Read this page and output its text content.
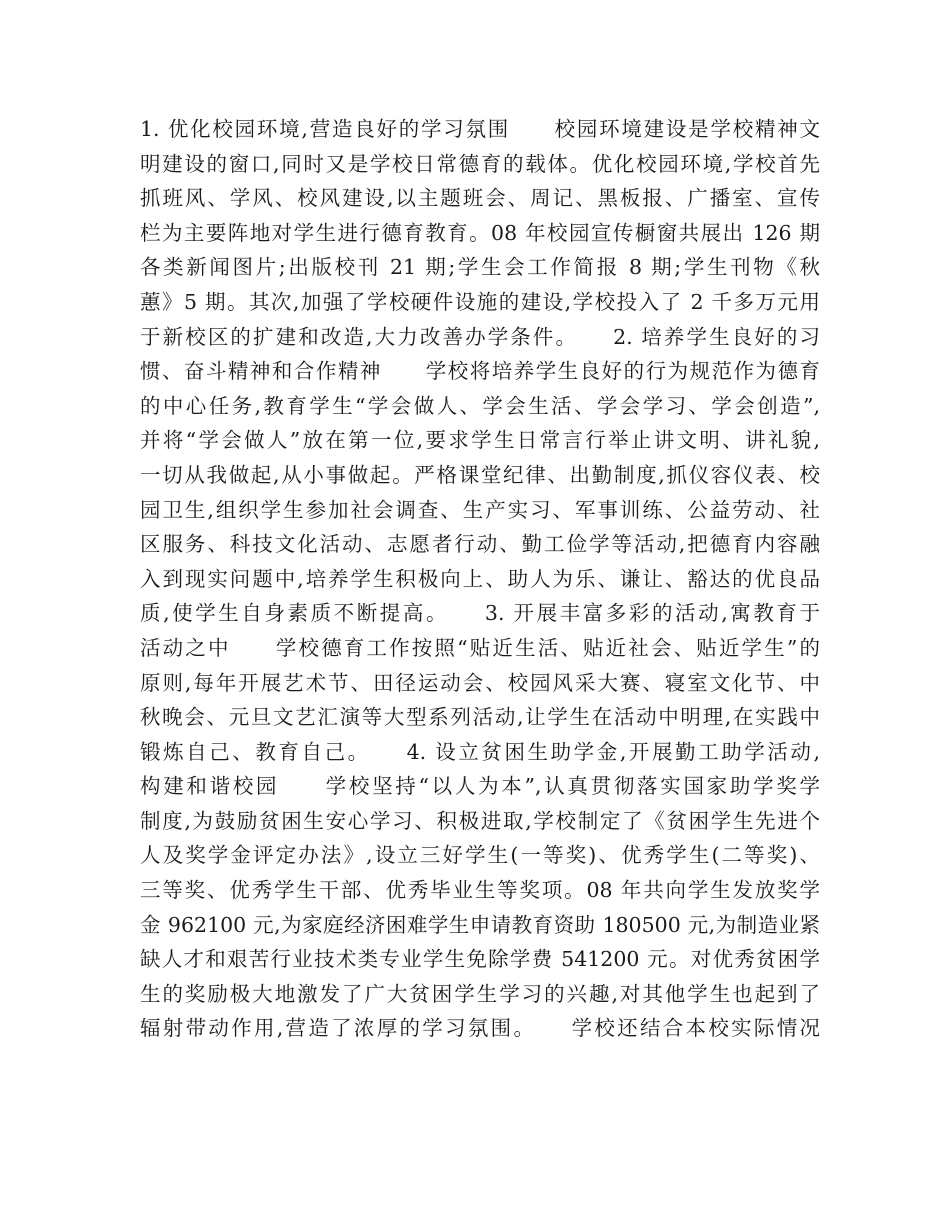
1. 优化校园环境,营造良好的学习氛围　　校园环境建设是学校精神文
明建设的窗口,同时又是学校日常德育的载体。优化校园环境,学校首先
抓班风、学风、校风建设,以主题班会、周记、黑板报、广播室、宣传
栏为主要阵地对学生进行德育教育。08 年校园宣传橱窗共展出 126 期
各类新闻图片;出版校刊 21 期;学生会工作简报 8 期;学生刊物《秋
蕙》5 期。其次,加强了学校硬件设施的建设,学校投入了 2 千多万元用
于新校区的扩建和改造,大力改善办学条件。　　2. 培养学生良好的习
惯、奋斗精神和合作精神　　学校将培养学生良好的行为规范作为德育
的中心任务,教育学生“学会做人、学会生活、学会学习、学会创造”,
并将“学会做人”放在第一位,要求学生日常言行举止讲文明、讲礼貌,
一切从我做起,从小事做起。严格课堂纪律、出勤制度,抓仪容仪表、校
园卫生,组织学生参加社会调查、生产实习、军事训练、公益劳动、社
区服务、科技文化活动、志愿者行动、勤工俭学等活动,把德育内容融
入到现实问题中,培养学生积极向上、助人为乐、谦让、豁达的优良品
质,使学生自身素质不断提高。　　3. 开展丰富多彩的活动,寓教育于
活动之中　　学校德育工作按照“贴近生活、贴近社会、贴近学生”的
原则,每年开展艺术节、田径运动会、校园风采大赛、寝室文化节、中
秋晚会、元旦文艺汇演等大型系列活动,让学生在活动中明理,在实践中
锻炼自己、教育自己。　　4. 设立贫困生助学金,开展勤工助学活动,
构建和谐校园　　学校坚持“以人为本”,认真贯彻落实国家助学奖学
制度,为鼓励贫困生安心学习、积极进取,学校制定了《贫困学生先进个
人及奖学金评定办法》,设立三好学生(一等奖)、优秀学生(二等奖)、
三等奖、优秀学生干部、优秀毕业生等奖项。08 年共向学生发放奖学
金 962100 元,为家庭经济困难学生申请教育资助 180500 元,为制造业紧
缺人才和艰苦行业技术类专业学生免除学费 541200 元。对优秀贫困学
生的奖励极大地激发了广大贫困学生学习的兴趣,对其他学生也起到了
辐射带动作用,营造了浓厚的学习氛围。　　学校还结合本校实际情况
